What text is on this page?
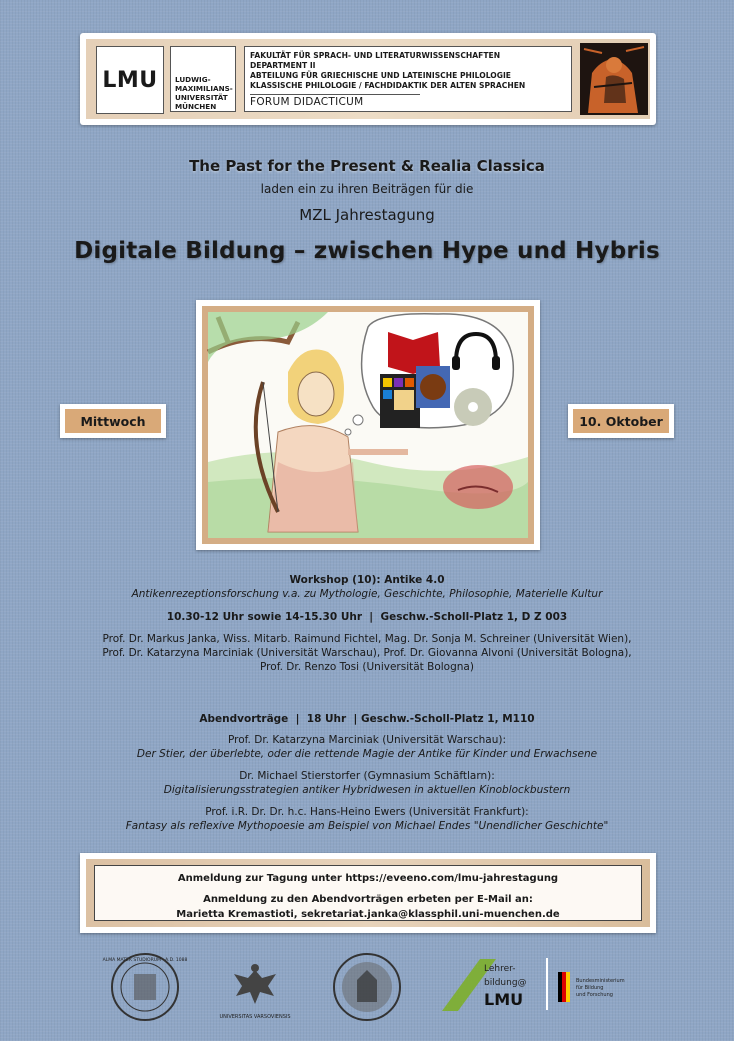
LMU LUDWIG-
MAXIMILIANS-
UNIVERSITÄT
MÜNCHEN
FAKULTÄT FÜR SPRACH- UND LITERATURWISSENSCHAFTEN
DEPARTMENT II
ABTEILUNG FÜR GRIECHISCHE UND LATEINISCHE PHILOLOGIE
KLASSISCHE PHILOLOGIE / FACHDIDAKTIK DER ALTEN SPRACHEN
FORUM DIDACTICUM
The Past for the Present & Realia Classica
laden ein zu ihren Beiträgen für die
MZL Jahrestagung
Digitale Bildung – zwischen Hype und Hybris
Mittwoch	10. Oktober
Workshop (10): Antike 4.0
Antikenrezeptionsforschung v.a. zu Mythologie, Geschichte, Philosophie, Materielle Kultur
10.30-12 Uhr sowie 14-15.30 Uhr  |  Geschw.-Scholl-Platz 1, D Z 003
Prof. Dr. Markus Janka, Wiss. Mitarb. Raimund Fichtel, Mag. Dr. Sonja M. Schreiner (Universität Wien),
Prof. Dr. Katarzyna Marciniak (Universität Warschau), Prof. Dr. Giovanna Alvoni (Universität Bologna),
Prof. Dr. Renzo Tosi (Universität Bologna)
Abendvorträge  |  18 Uhr  | Geschw.-Scholl-Platz 1, M110
Prof. Dr. Katarzyna Marciniak (Universität Warschau):
Der Stier, der überlebte, oder die rettende Magie der Antike für Kinder und Erwachsene
Dr. Michael Stierstorfer (Gymnasium Schäftlarn):
Digitalisierungsstrategien antiker Hybridwesen in aktuellen Kinoblockbustern
Prof. i.R. Dr. Dr. h.c. Hans-Heino Ewers (Universität Frankfurt):
Fantasy als reflexive Mythopoesie am Beispiel von Michael Endes "Unendlicher Geschichte"
Anmeldung zur Tagung unter https://eveeno.com/lmu-jahrestagung
Anmeldung zu den Abendvorträgen erbeten per E-Mail an:
Marietta Kremastioti, sekretariat.janka@klassphil.uni-muenchen.de
ALMA MATER STUDIORUM · A.D. 1088
UNIVERSITAS VARSOVIENSIS
Lehrer-
bildung@
LMU
Bundesministerium
für Bildung
und Forschung
